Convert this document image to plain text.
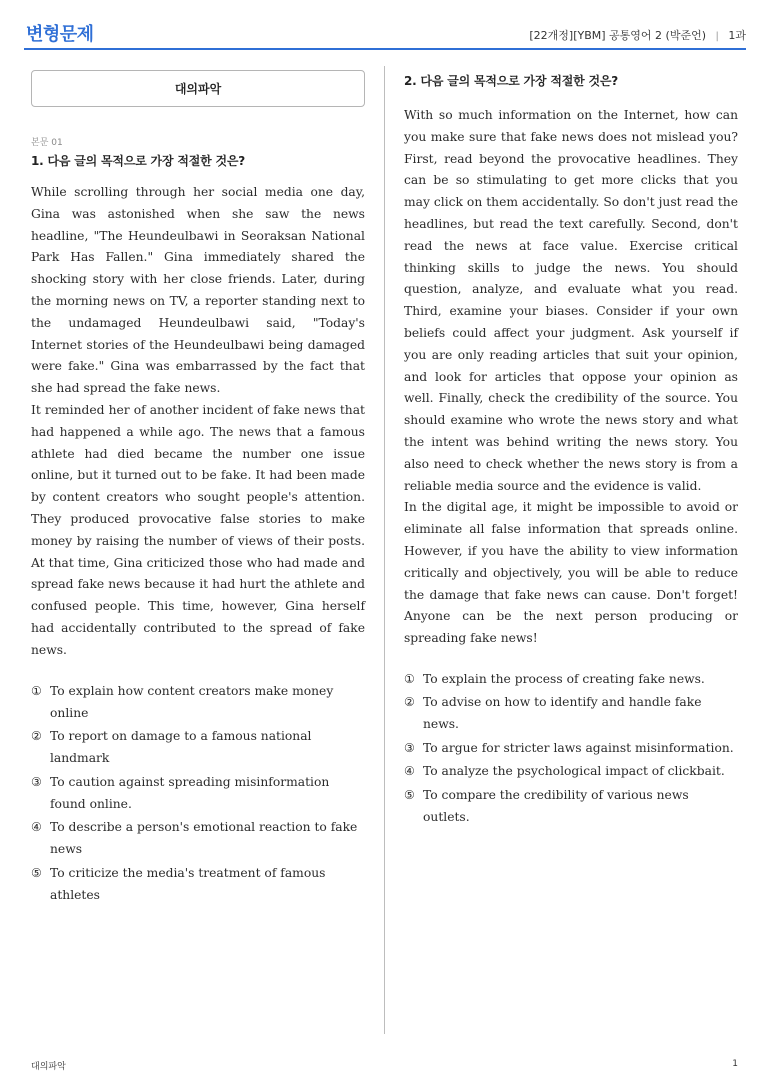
변형문제	[22개정][YBM] 공통영어 2 (박준언) | 1과
대의파악
본문 01
1. 다음 글의 목적으로 가장 적절한 것은?

While scrolling through her social media one day, Gina was astonished when she saw the news headline, "The Heundeulbawi in Seoraksan National Park Has Fallen." Gina immediately shared the shocking story with her close friends. Later, during the morning news on TV, a reporter standing next to the undamaged Heundeulbawi said, "Today's Internet stories of the Heundeulbawi being damaged were fake." Gina was embarrassed by the fact that she had spread the fake news.

It reminded her of another incident of fake news that had happened a while ago. The news that a famous athlete had died became the number one issue online, but it turned out to be fake. It had been made by content creators who sought people's attention. They produced provocative false stories to make money by raising the number of views of their posts. At that time, Gina criticized those who had made and spread fake news because it had hurt the athlete and confused people. This time, however, Gina herself had accidentally contributed to the spread of fake news.

① To explain how content creators make money online
② To report on damage to a famous national landmark
③ To caution against spreading misinformation found online.
④ To describe a person's emotional reaction to fake news
⑤ To criticize the media's treatment of famous athletes
2. 다음 글의 목적으로 가장 적절한 것은?

With so much information on the Internet, how can you make sure that fake news does not mislead you? First, read beyond the provocative headlines. They can be so stimulating to get more clicks that you may click on them accidentally. So don't just read the headlines, but read the text carefully. Second, don't read the news at face value. Exercise critical thinking skills to judge the news. You should question, analyze, and evaluate what you read. Third, examine your biases. Consider if your own beliefs could affect your judgment. Ask yourself if you are only reading articles that suit your opinion, and look for articles that oppose your opinion as well. Finally, check the credibility of the source. You should examine who wrote the news story and what the intent was behind writing the news story. You also need to check whether the news story is from a reliable media source and the evidence is valid.

In the digital age, it might be impossible to avoid or eliminate all false information that spreads online. However, if you have the ability to view information critically and objectively, you will be able to reduce the damage that fake news can cause. Don't forget! Anyone can be the next person producing or spreading fake news!

① To explain the process of creating fake news.
② To advise on how to identify and handle fake news.
③ To argue for stricter laws against misinformation.
④ To analyze the psychological impact of clickbait.
⑤ To compare the credibility of various news outlets.
대의파악	1
